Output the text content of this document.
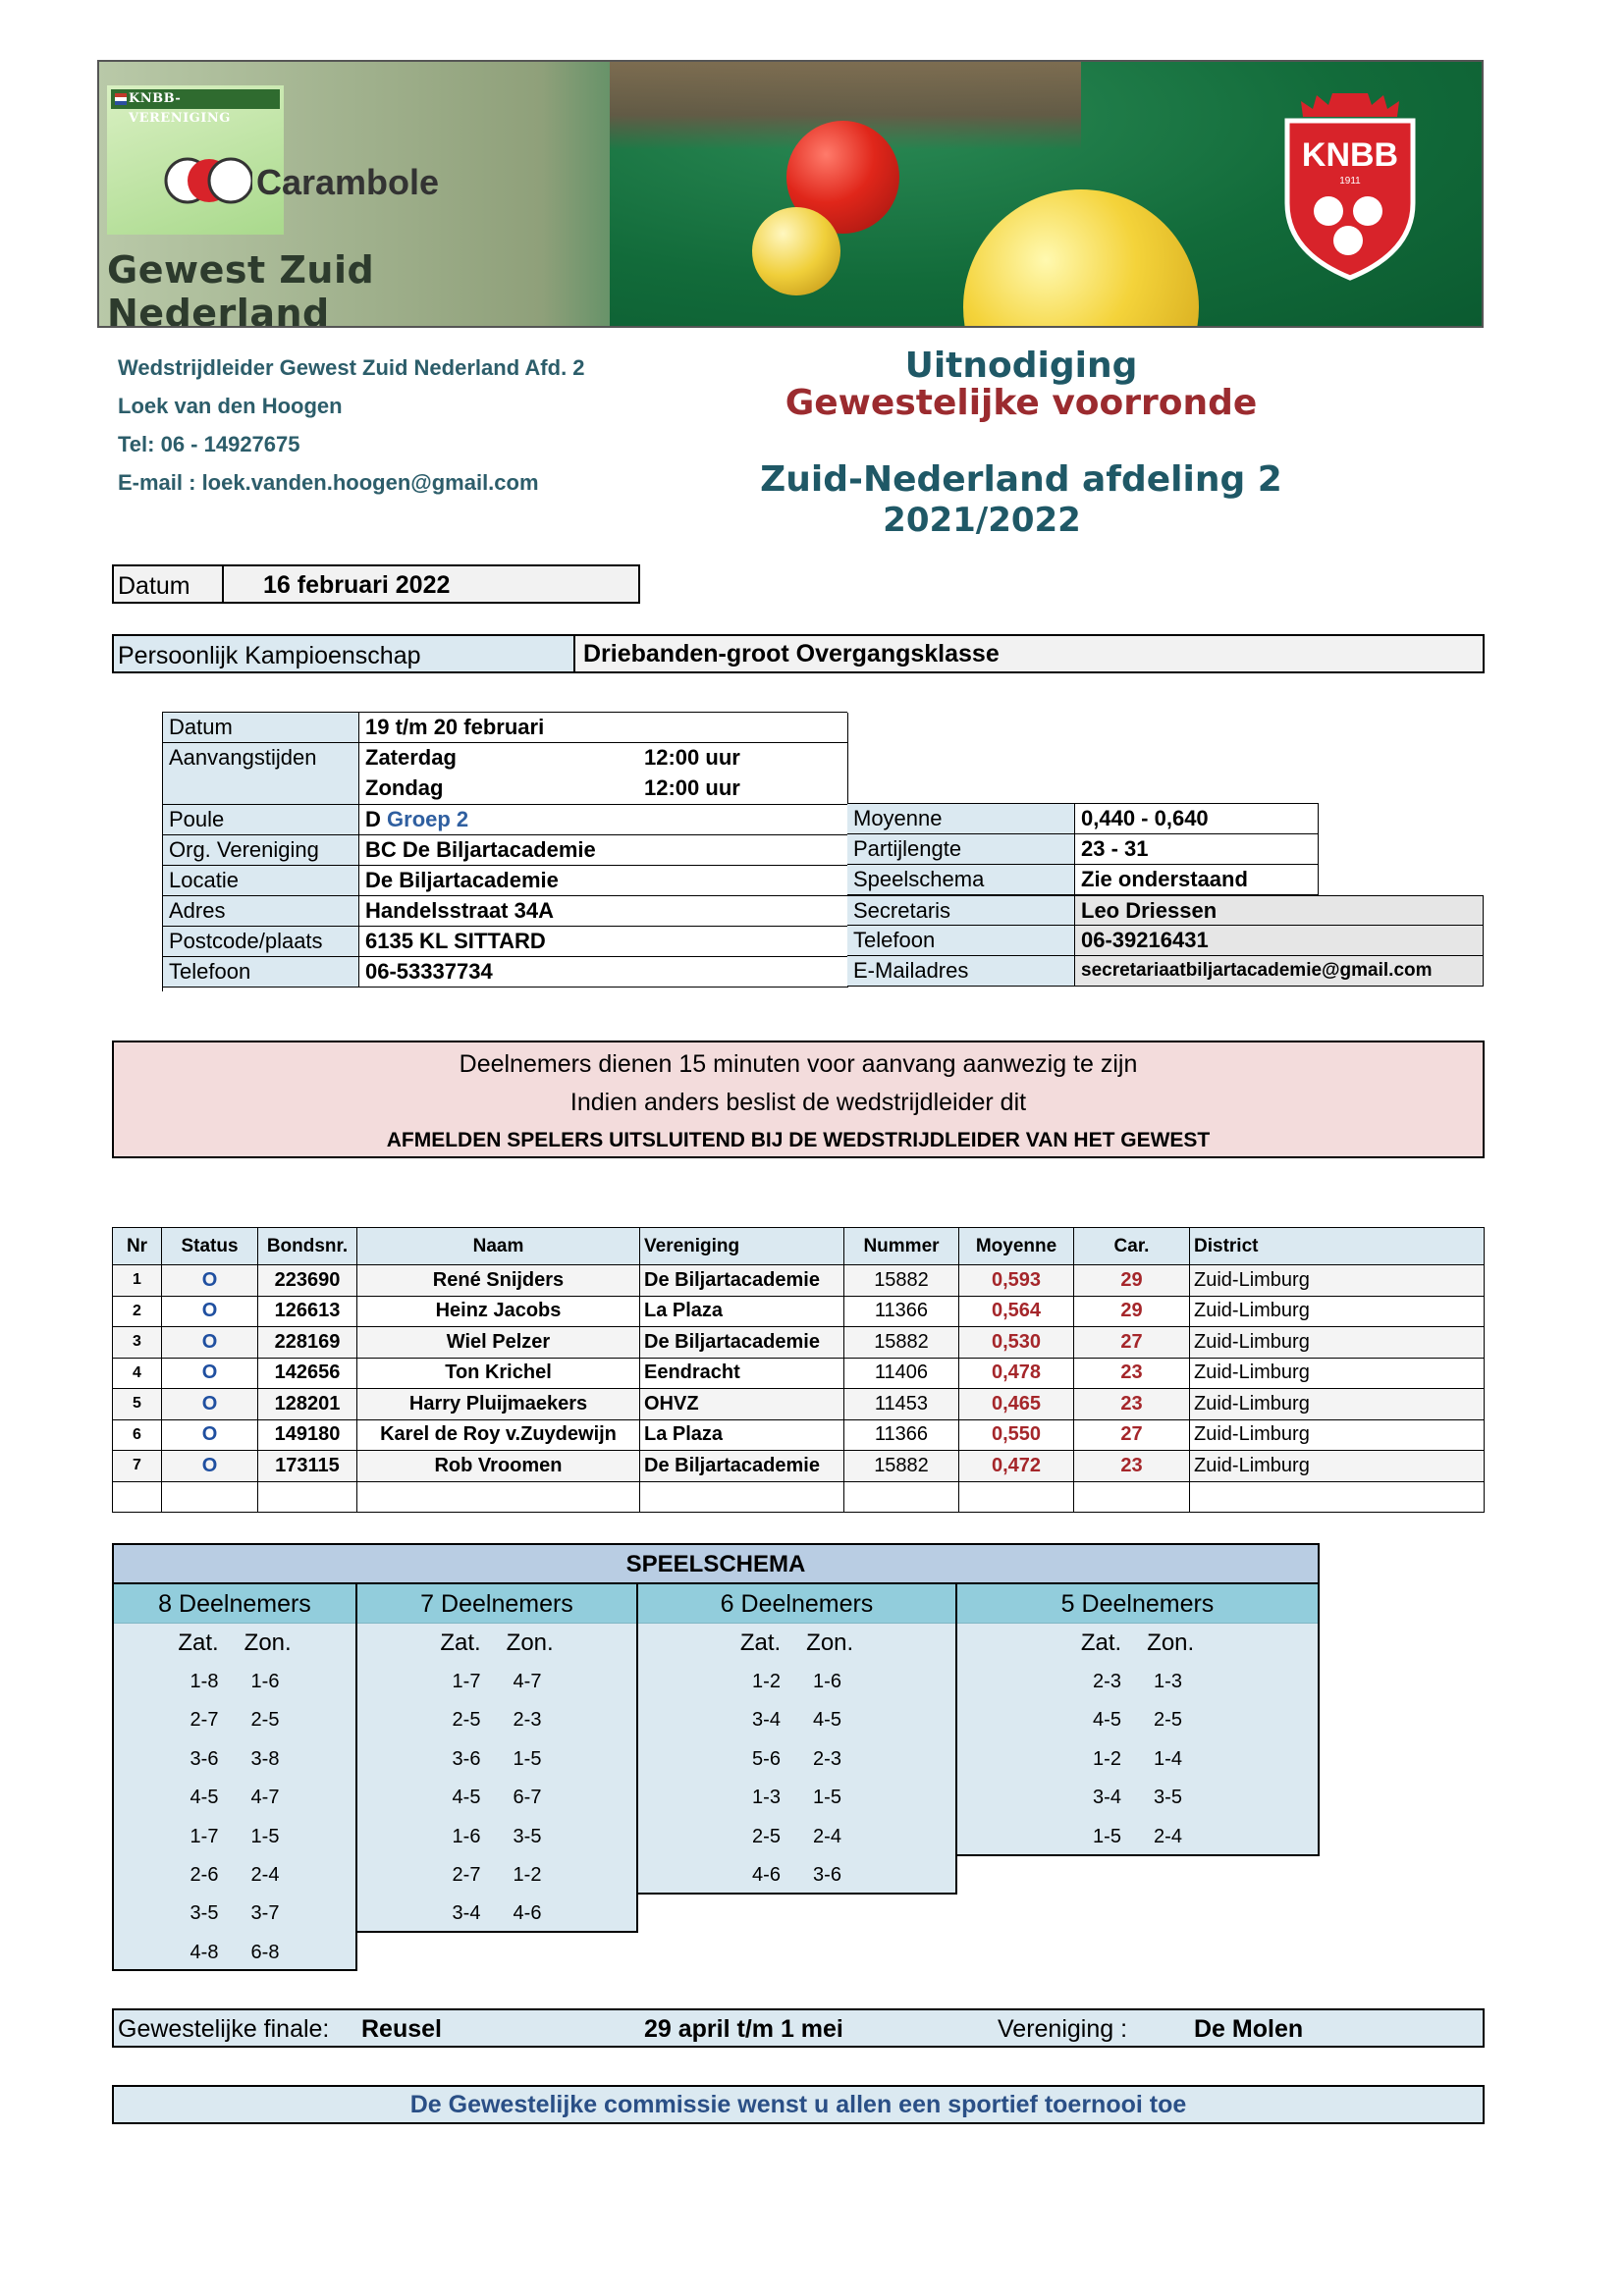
KNBB-VERENIGING
Carambole
Gewest Zuid Nederland
KNBB
1911
Wedstrijdleider Gewest Zuid Nederland Afd. 2
Loek van den Hoogen
Tel: 06 - 14927675
E-mail : loek.vanden.hoogen@gmail.com
Uitnodiging
Gewestelijke voorronde
Zuid-Nederland afdeling 2
2021/2022
Datum	16 februari 2022
Persoonlijk Kampioenschap	Driebanden-groot Overgangsklasse
Datum	19 t/m 20 februari
Aanvangstijden	Zaterdag	12:00 uur
Zondag	12:00 uur
Poule	D Groep 2
Org. Vereniging	BC De Biljartacademie
Locatie	De Biljartacademie
Adres	Handelsstraat 34A
Postcode/plaats	6135 KL SITTARD
Telefoon	06-53337734
Moyenne	0,440 - 0,640
Partijlengte	23 - 31
Speelschema	Zie onderstaand
Secretaris	Leo Driessen
Telefoon	06-39216431
E-Mailadres	secretariaatbiljartacademie@gmail.com
Deelnemers dienen 15 minuten voor aanvang aanwezig te zijn
Indien anders beslist de wedstrijdleider dit
AFMELDEN SPELERS UITSLUITEND BIJ DE WEDSTRIJDLEIDER VAN HET GEWEST
Nr	Status	Bondsnr.	Naam	Vereniging	Nummer	Moyenne	Car.	District
1	O	223690	René Snijders	De Biljartacademie	15882	0,593	29	Zuid-Limburg
2	O	126613	Heinz Jacobs	La Plaza	11366	0,564	29	Zuid-Limburg
3	O	228169	Wiel Pelzer	De Biljartacademie	15882	0,530	27	Zuid-Limburg
4	O	142656	Ton Krichel	Eendracht	11406	0,478	23	Zuid-Limburg
5	O	128201	Harry Pluijmaekers	OHVZ	11453	0,465	23	Zuid-Limburg
6	O	149180	Karel de Roy v.Zuydewijn	La Plaza	11366	0,550	27	Zuid-Limburg
7	O	173115	Rob Vroomen	De Biljartacademie	15882	0,472	23	Zuid-Limburg

SPEELSCHEMA
8 Deelnemers
Zat. Zon.
1-8 1-6
2-7 2-5
3-6 3-8
4-5 4-7
1-7 1-5
2-6 2-4
3-5 3-7
4-8 6-8
7 Deelnemers
Zat. Zon.
1-7 4-7
2-5 2-3
3-6 1-5
4-5 6-7
1-6 3-5
2-7 1-2
3-4 4-6
6 Deelnemers
Zat. Zon.
1-2 1-6
3-4 4-5
5-6 2-3
1-3 1-5
2-5 2-4
4-6 3-6
5 Deelnemers
Zat. Zon.
2-3 1-3
4-5 2-5
1-2 1-4
3-4 3-5
1-5 2-4
Gewestelijke finale: Reusel	29 april t/m 1 mei	Vereniging :	De Molen
De Gewestelijke commissie wenst u allen een sportief toernooi toe
